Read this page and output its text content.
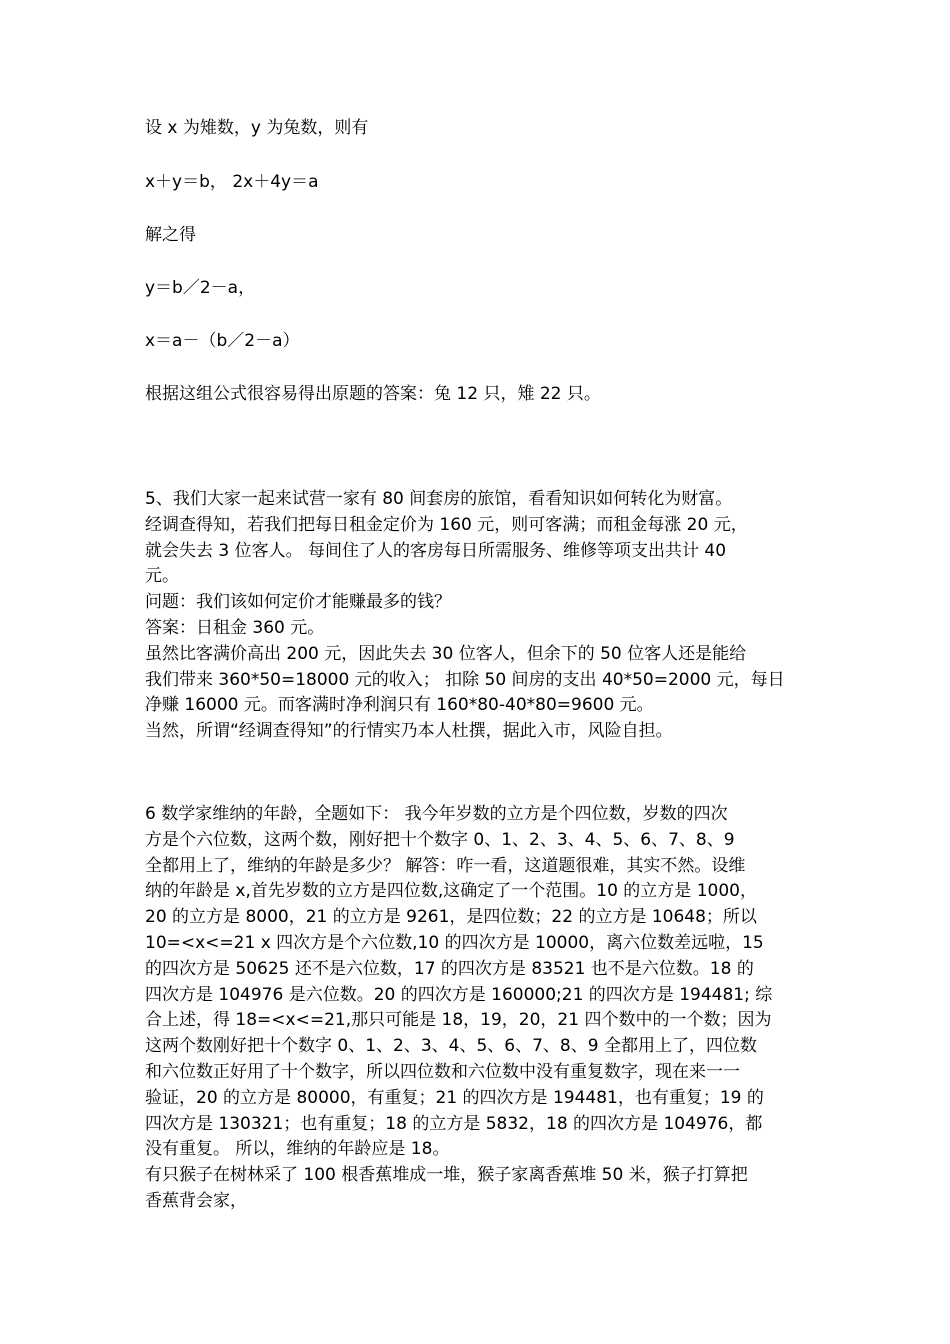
设 x 为雉数，y 为兔数，则有
x＋y＝b， 2x＋4y＝a
解之得
y＝b／2－a，
x＝a－（b／2－a）
根据这组公式很容易得出原题的答案：兔 12 只，雉 22 只。

5、我们大家一起来试营一家有 80 间套房的旅馆，看看知识如何转化为财富。

经调查得知，若我们把每日租金定价为 160 元，则可客满；而租金每涨 20 元，

就会失去 3 位客人。 每间住了人的客房每日所需服务、维修等项支出共计 40

元。

问题：我们该如何定价才能赚最多的钱？

答案：日租金 360 元。

虽然比客满价高出 200 元，因此失去 30 位客人，但余下的 50 位客人还是能给

我们带来 360*50=18000 元的收入； 扣除 50 间房的支出 40*50=2000 元，每日

净赚 16000 元。而客满时净利润只有 160*80-40*80=9600 元。

当然，所谓“经调查得知”的行情实乃本人杜撰，据此入市，风险自担。

6 数学家维纳的年龄，全题如下： 我今年岁数的立方是个四位数，岁数的四次

方是个六位数，这两个数，刚好把十个数字 0、1、2、3、4、5、6、7、8、9

全都用上了，维纳的年龄是多少？ 解答：咋一看，这道题很难，其实不然。设维

纳的年龄是 x,首先岁数的立方是四位数,这确定了一个范围。10 的立方是 1000，

20 的立方是 8000，21 的立方是 9261，是四位数；22 的立方是 10648；所以

10=<x<=21 x 四次方是个六位数,10 的四次方是 10000，离六位数差远啦，15

的四次方是 50625 还不是六位数，17 的四次方是 83521 也不是六位数。18 的

四次方是 104976 是六位数。20 的四次方是 160000;21 的四次方是 194481; 综

合上述，得 18=<x<=21,那只可能是 18，19，20，21 四个数中的一个数；因为

这两个数刚好把十个数字 0、1、2、3、4、5、6、7、8、9 全都用上了，四位数

和六位数正好用了十个数字，所以四位数和六位数中没有重复数字，现在来一一

验证，20 的立方是 80000，有重复；21 的四次方是 194481，也有重复；19 的

四次方是 130321；也有重复；18 的立方是 5832，18 的四次方是 104976，都

没有重复。 所以，维纳的年龄应是 18。

有只猴子在树林采了 100 根香蕉堆成一堆，猴子家离香蕉堆 50 米，猴子打算把

香蕉背会家，
